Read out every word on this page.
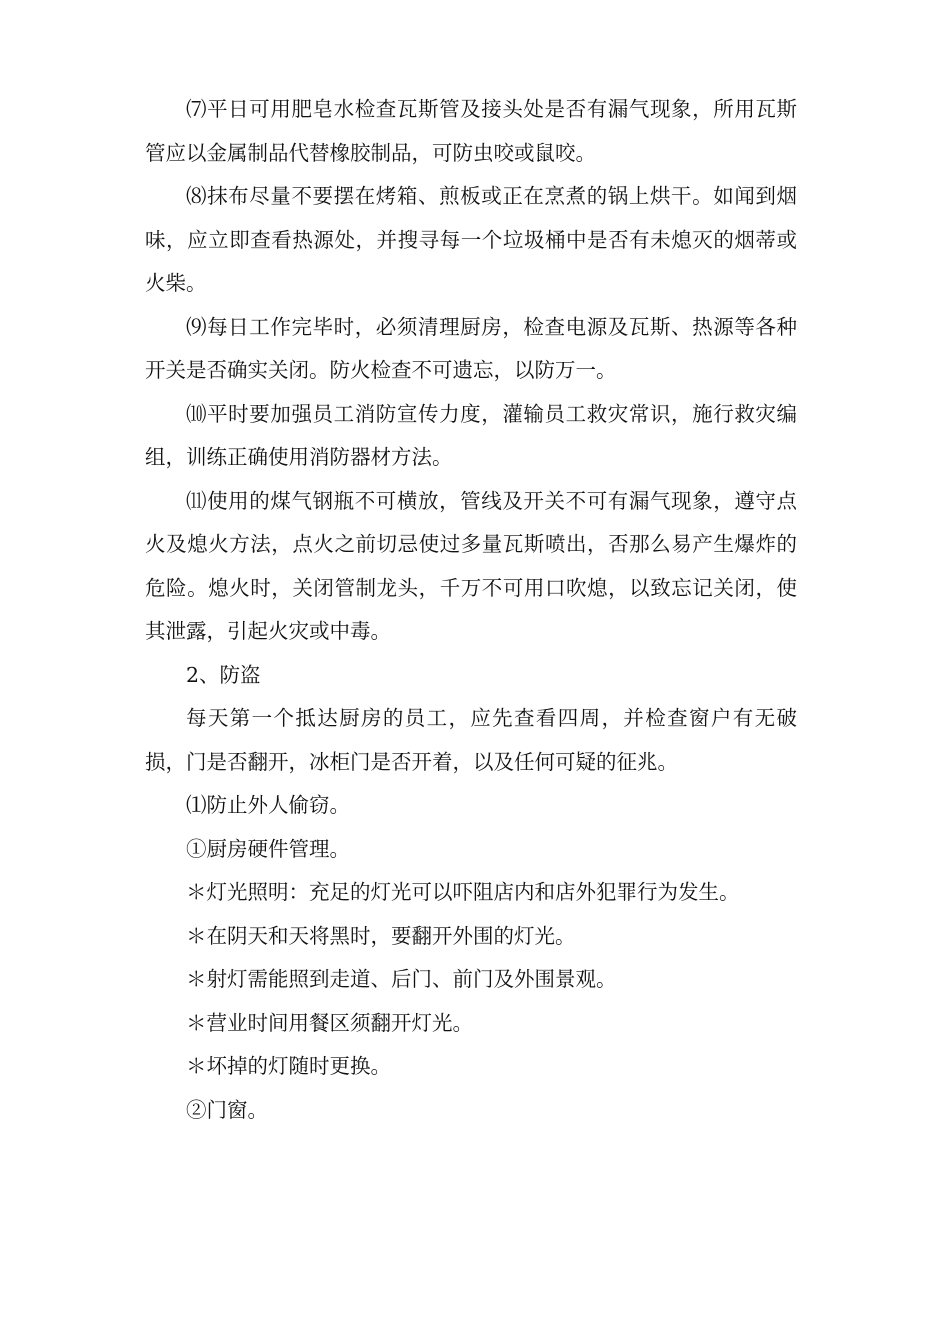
⑺平日可用肥皂水检查瓦斯管及接头处是否有漏气现象，所用瓦斯管应以金属制品代替橡胶制品，可防虫咬或鼠咬。

⑻抹布尽量不要摆在烤箱、煎板或正在烹煮的锅上烘干。如闻到烟味，应立即查看热源处，并搜寻每一个垃圾桶中是否有未熄灭的烟蒂或火柴。

⑼每日工作完毕时，必须清理厨房，检查电源及瓦斯、热源等各种开关是否确实关闭。防火检查不可遗忘，以防万一。

⑽平时要加强员工消防宣传力度，灌输员工救灾常识，施行救灾编组，训练正确使用消防器材方法。

⑾使用的煤气钢瓶不可横放，管线及开关不可有漏气现象，遵守点火及熄火方法，点火之前切忌使过多量瓦斯喷出，否那么易产生爆炸的危险。熄火时，关闭管制龙头，千万不可用口吹熄，以致忘记关闭，使其泄露，引起火灾或中毒。

2、防盗

每天第一个抵达厨房的员工，应先查看四周，并检查窗户有无破损，门是否翻开，冰柜门是否开着，以及任何可疑的征兆。

⑴防止外人偷窃。

①厨房硬件管理。

＊灯光照明：充足的灯光可以吓阻店内和店外犯罪行为发生。

＊在阴天和天将黑时，要翻开外围的灯光。

＊射灯需能照到走道、后门、前门及外围景观。

＊营业时间用餐区须翻开灯光。

＊坏掉的灯随时更换。

②门窗。
